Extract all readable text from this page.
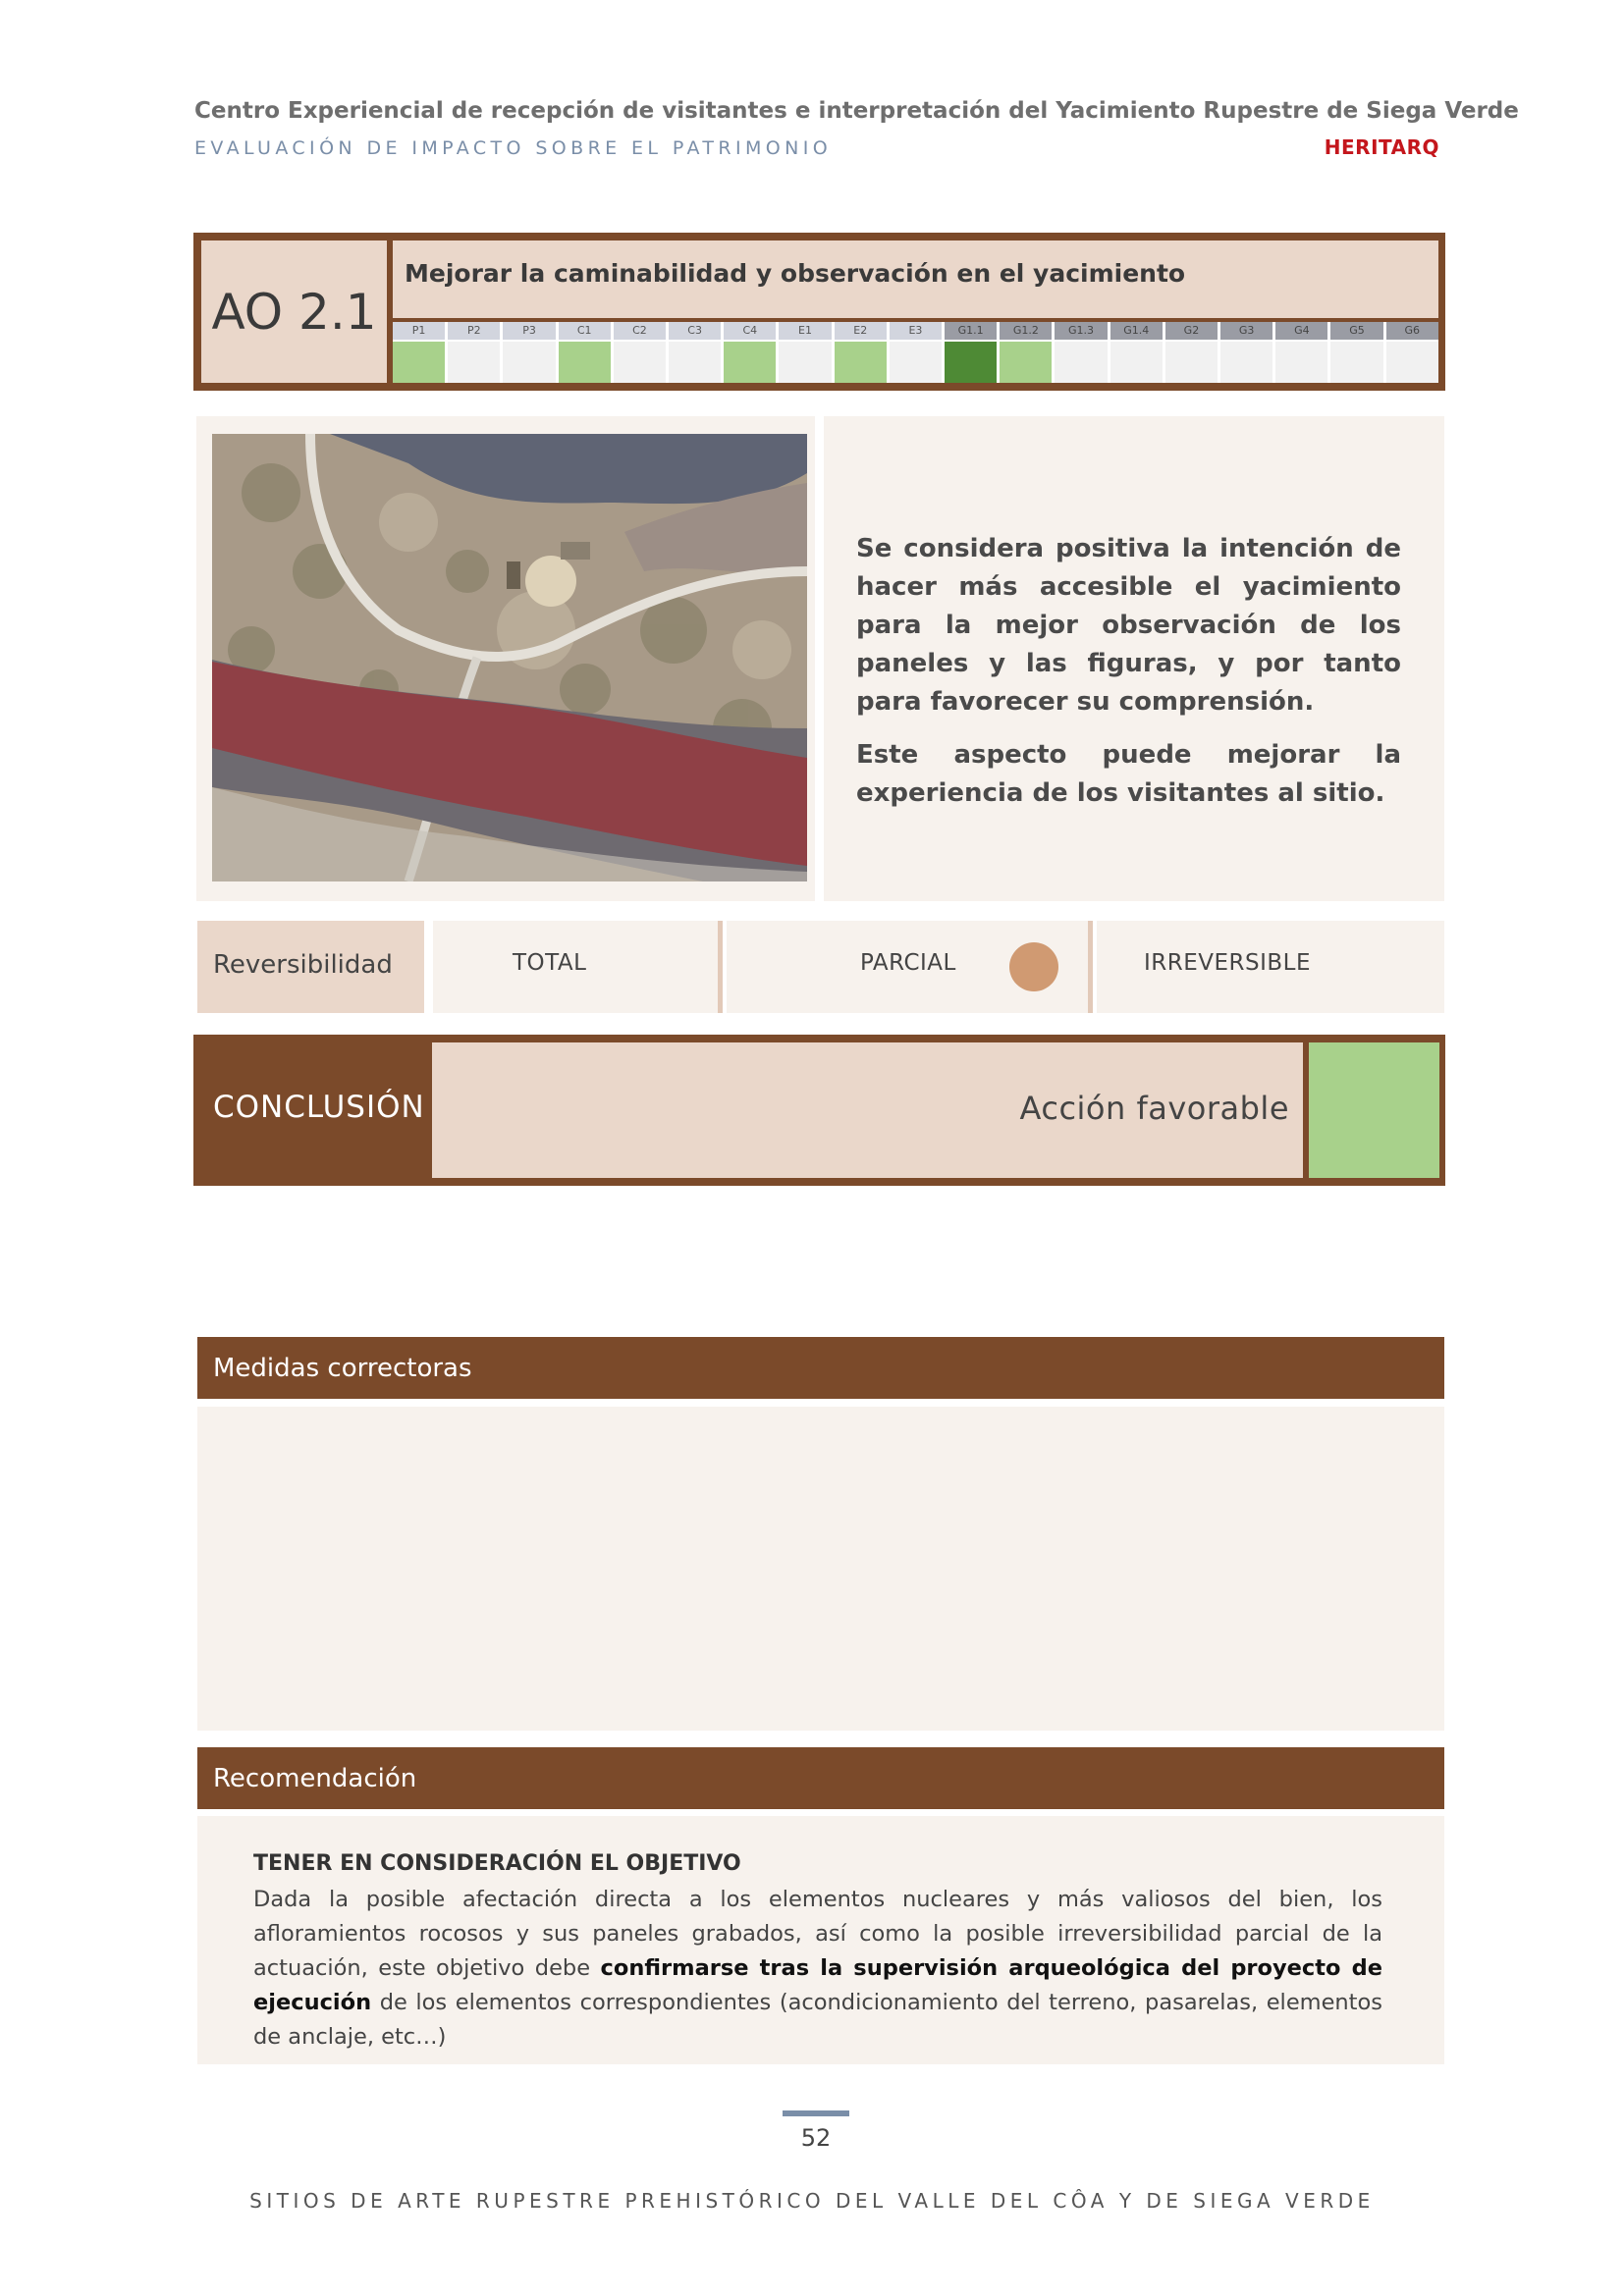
Centro Experiencial de recepción de visitantes e interpretación del Yacimiento Rupestre de Siega Verde
EVALUACIÓN DE IMPACTO SOBRE EL PATRIMONIO	HERITARQ
AO 2.1
Mejorar la caminabilidad y observación en el yacimiento
P1	P2	P3	C1	C2	C3	C4	E1	E2	E3	G1.1	G1.2	G1.3	G1.4	G2	G3	G4	G5	G6

Se considera positiva la intención de hacer más accesible el yacimiento para la mejor observación de los paneles y las figuras, y por tanto para favorecer su comprensión.

Este aspecto puede mejorar la experiencia de los visitantes al sitio.

Reversibilidad	TOTAL	PARCIAL	IRREVERSIBLE
CONCLUSIÓN	Acción favorable
Medidas correctoras
Recomendación
TENER EN CONSIDERACIÓN EL OBJETIVO
Dada la posible afectación directa a los elementos nucleares y más valiosos del bien, los afloramientos rocosos y sus paneles grabados, así como la posible irreversibilidad parcial de la actuación, este objetivo debe confirmarse tras la supervisión arqueológica del proyecto de ejecución de los elementos correspondientes (acondicionamiento del terreno, pasarelas, elementos de anclaje, etc…)
52
SITIOS DE ARTE RUPESTRE PREHISTÓRICO DEL VALLE DEL CÔA Y DE SIEGA VERDE
